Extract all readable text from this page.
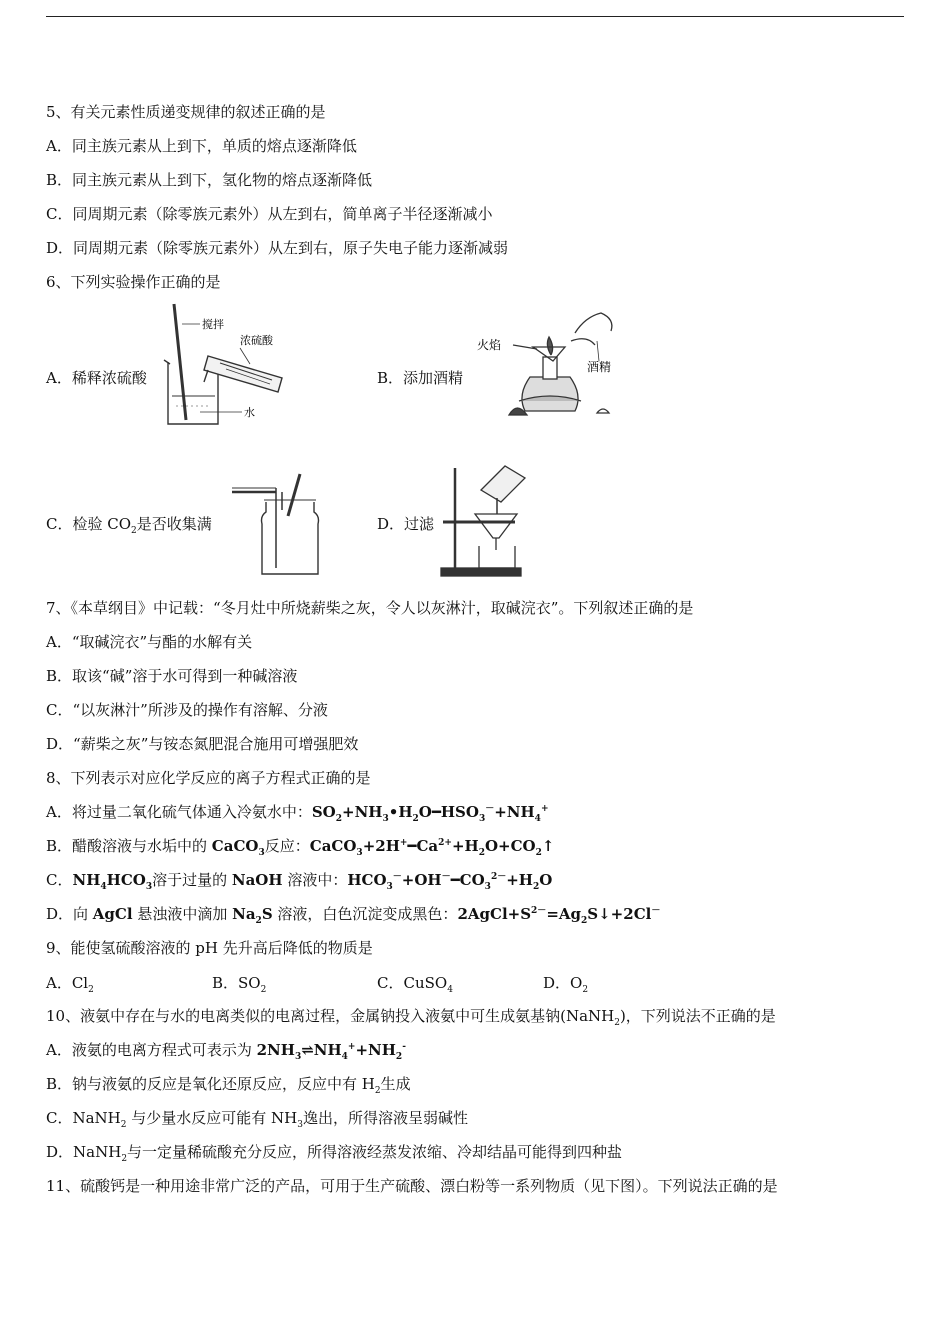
5、有关元素性质递变规律的叙述正确的是
A．同主族元素从上到下，单质的熔点逐渐降低
B．同主族元素从上到下，氢化物的熔点逐渐降低
C．同周期元素（除零族元素外）从左到右，简单离子半径逐渐减小
D．同周期元素（除零族元素外）从左到右，原子失电子能力逐渐减弱
6、下列实验操作正确的是
A．稀释浓硫酸	B．添加酒精
C．检验 $CO_2$是否收集满	D．过滤
搅拌
浓硫酸
水
火焰
酒精
7、《本草纲目》中记载：“冬月灶中所烧薪柴之灰，令人以灰淋汁，取碱浣衣”。下列叙述正确的是
A．“取碱浣衣”与酯的水解有关
B．取该“碱”溶于水可得到一种碱溶液
C．“以灰淋汁”所涉及的操作有溶解、分液
D．“薪柴之灰”与铵态氮肥混合施用可增强肥效
8、下列表示对应化学反应的离子方程式正确的是
A．将过量二氧化硫气体通入冷氨水中：$SO_2+NH_3•H_2O━HSO_3^-+NH_4^+$
B．醋酸溶液与水垢中的 CaCO$_3$反应：$CaCO_3+2H^+━Ca^{2+}+H_2O+CO_2↑$
C．$NH_4HCO_3$溶于过量的 NaOH 溶液中：$HCO_3^-+OH^-━CO_3^{2-}+H_2O$
D．向 AgCl 悬浊液中滴加 $Na_2S$ 溶液，白色沉淀变成黑色：$2AgCl+S^{2-}=Ag_2S↓+2Cl^-$
9、能使氢硫酸溶液的 pH 先升高后降低的物质是
A．$Cl_2$	B．$SO_2$	C．CuSO$_4$	D．$O_2$
10、液氨中存在与水的电离类似的电离过程，金属钠投入液氨中可生成氨基钠(NaNH$_2$)，下列说法不正确的是
A．液氨的电离方程式可表示为 $2NH_3\rightleftharpoons NH_4^++NH_2^-$
B．钠与液氨的反应是氧化还原反应，反应中有 $H_2$生成
C．NaNH$_2$ 与少量水反应可能有 $NH_3$逸出，所得溶液呈弱碱性
D．NaNH$_2$与一定量稀硫酸充分反应，所得溶液经蒸发浓缩、冷却结晶可能得到四种盐
11、硫酸钙是一种用途非常广泛的产品，可用于生产硫酸、漂白粉等一系列物质（见下图）。下列说法正确的是
